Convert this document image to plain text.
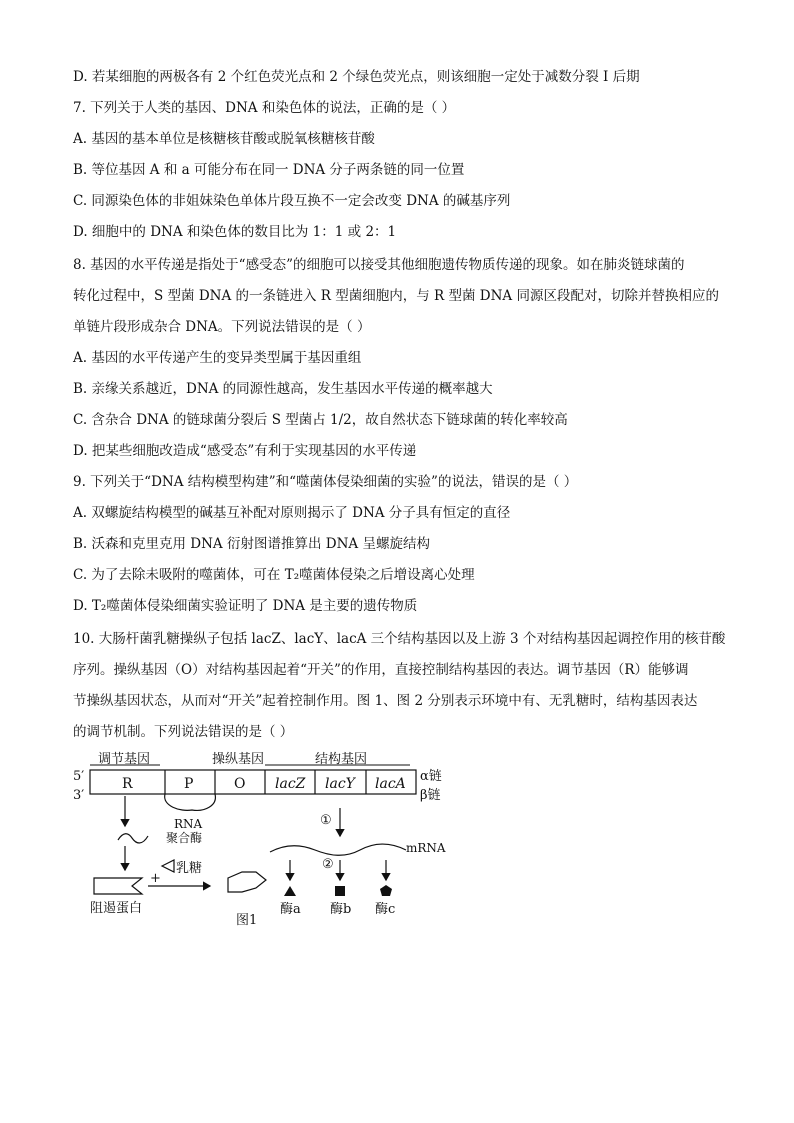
D. 若某细胞的两极各有 2 个红色荧光点和 2 个绿色荧光点，则该细胞一定处于减数分裂 I 后期
7. 下列关于人类的基因、DNA 和染色体的说法，正确的是（ ）
A. 基因的基本单位是核糖核苷酸或脱氧核糖核苷酸
B. 等位基因 A 和 a 可能分布在同一 DNA 分子两条链的同一位置
C. 同源染色体的非姐妹染色单体片段互换不一定会改变 DNA 的碱基序列
D. 细胞中的 DNA 和染色体的数目比为 1：1 或 2：1
8. 基因的水平传递是指处于“感受态”的细胞可以接受其他细胞遗传物质传递的现象。如在肺炎链球菌的
转化过程中，S 型菌 DNA 的一条链进入 R 型菌细胞内，与 R 型菌 DNA 同源区段配对，切除并替换相应的
单链片段形成杂合 DNA。下列说法错误的是（ ）
A. 基因的水平传递产生的变异类型属于基因重组
B. 亲缘关系越近，DNA 的同源性越高，发生基因水平传递的概率越大
C. 含杂合 DNA 的链球菌分裂后 S 型菌占 1/2，故自然状态下链球菌的转化率较高
D. 把某些细胞改造成“感受态”有利于实现基因的水平传递
9. 下列关于“DNA 结构模型构建”和“噬菌体侵染细菌的实验”的说法，错误的是（ ）
A. 双螺旋结构模型的碱基互补配对原则揭示了 DNA 分子具有恒定的直径
B. 沃森和克里克用 DNA 衍射图谱推算出 DNA 呈螺旋结构
C. 为了去除未吸附的噬菌体，可在 T₂噬菌体侵染之后增设离心处理
D. T₂噬菌体侵染细菌实验证明了 DNA 是主要的遗传物质
10. 大肠杆菌乳糖操纵子包括 lacZ、lacY、lacA 三个结构基因以及上游 3 个对结构基因起调控作用的核苷酸
序列。操纵基因（O）对结构基因起着“开关”的作用，直接控制结构基因的表达。调节基因（R）能够调
节操纵基因状态，从而对“开关”起着控制作用。图 1、图 2 分别表示环境中有、无乳糖时，结构基因表达
的调节机制。下列说法错误的是（ ）
调节基因	操纵基因	结构基因
5′
3′
α链
β链
R	P	O lacZ lacY lacA
RNA
聚合酶
阻遏蛋白
+
乳糖
①
mRNA
②
酶a 酶b 酶c
图1
